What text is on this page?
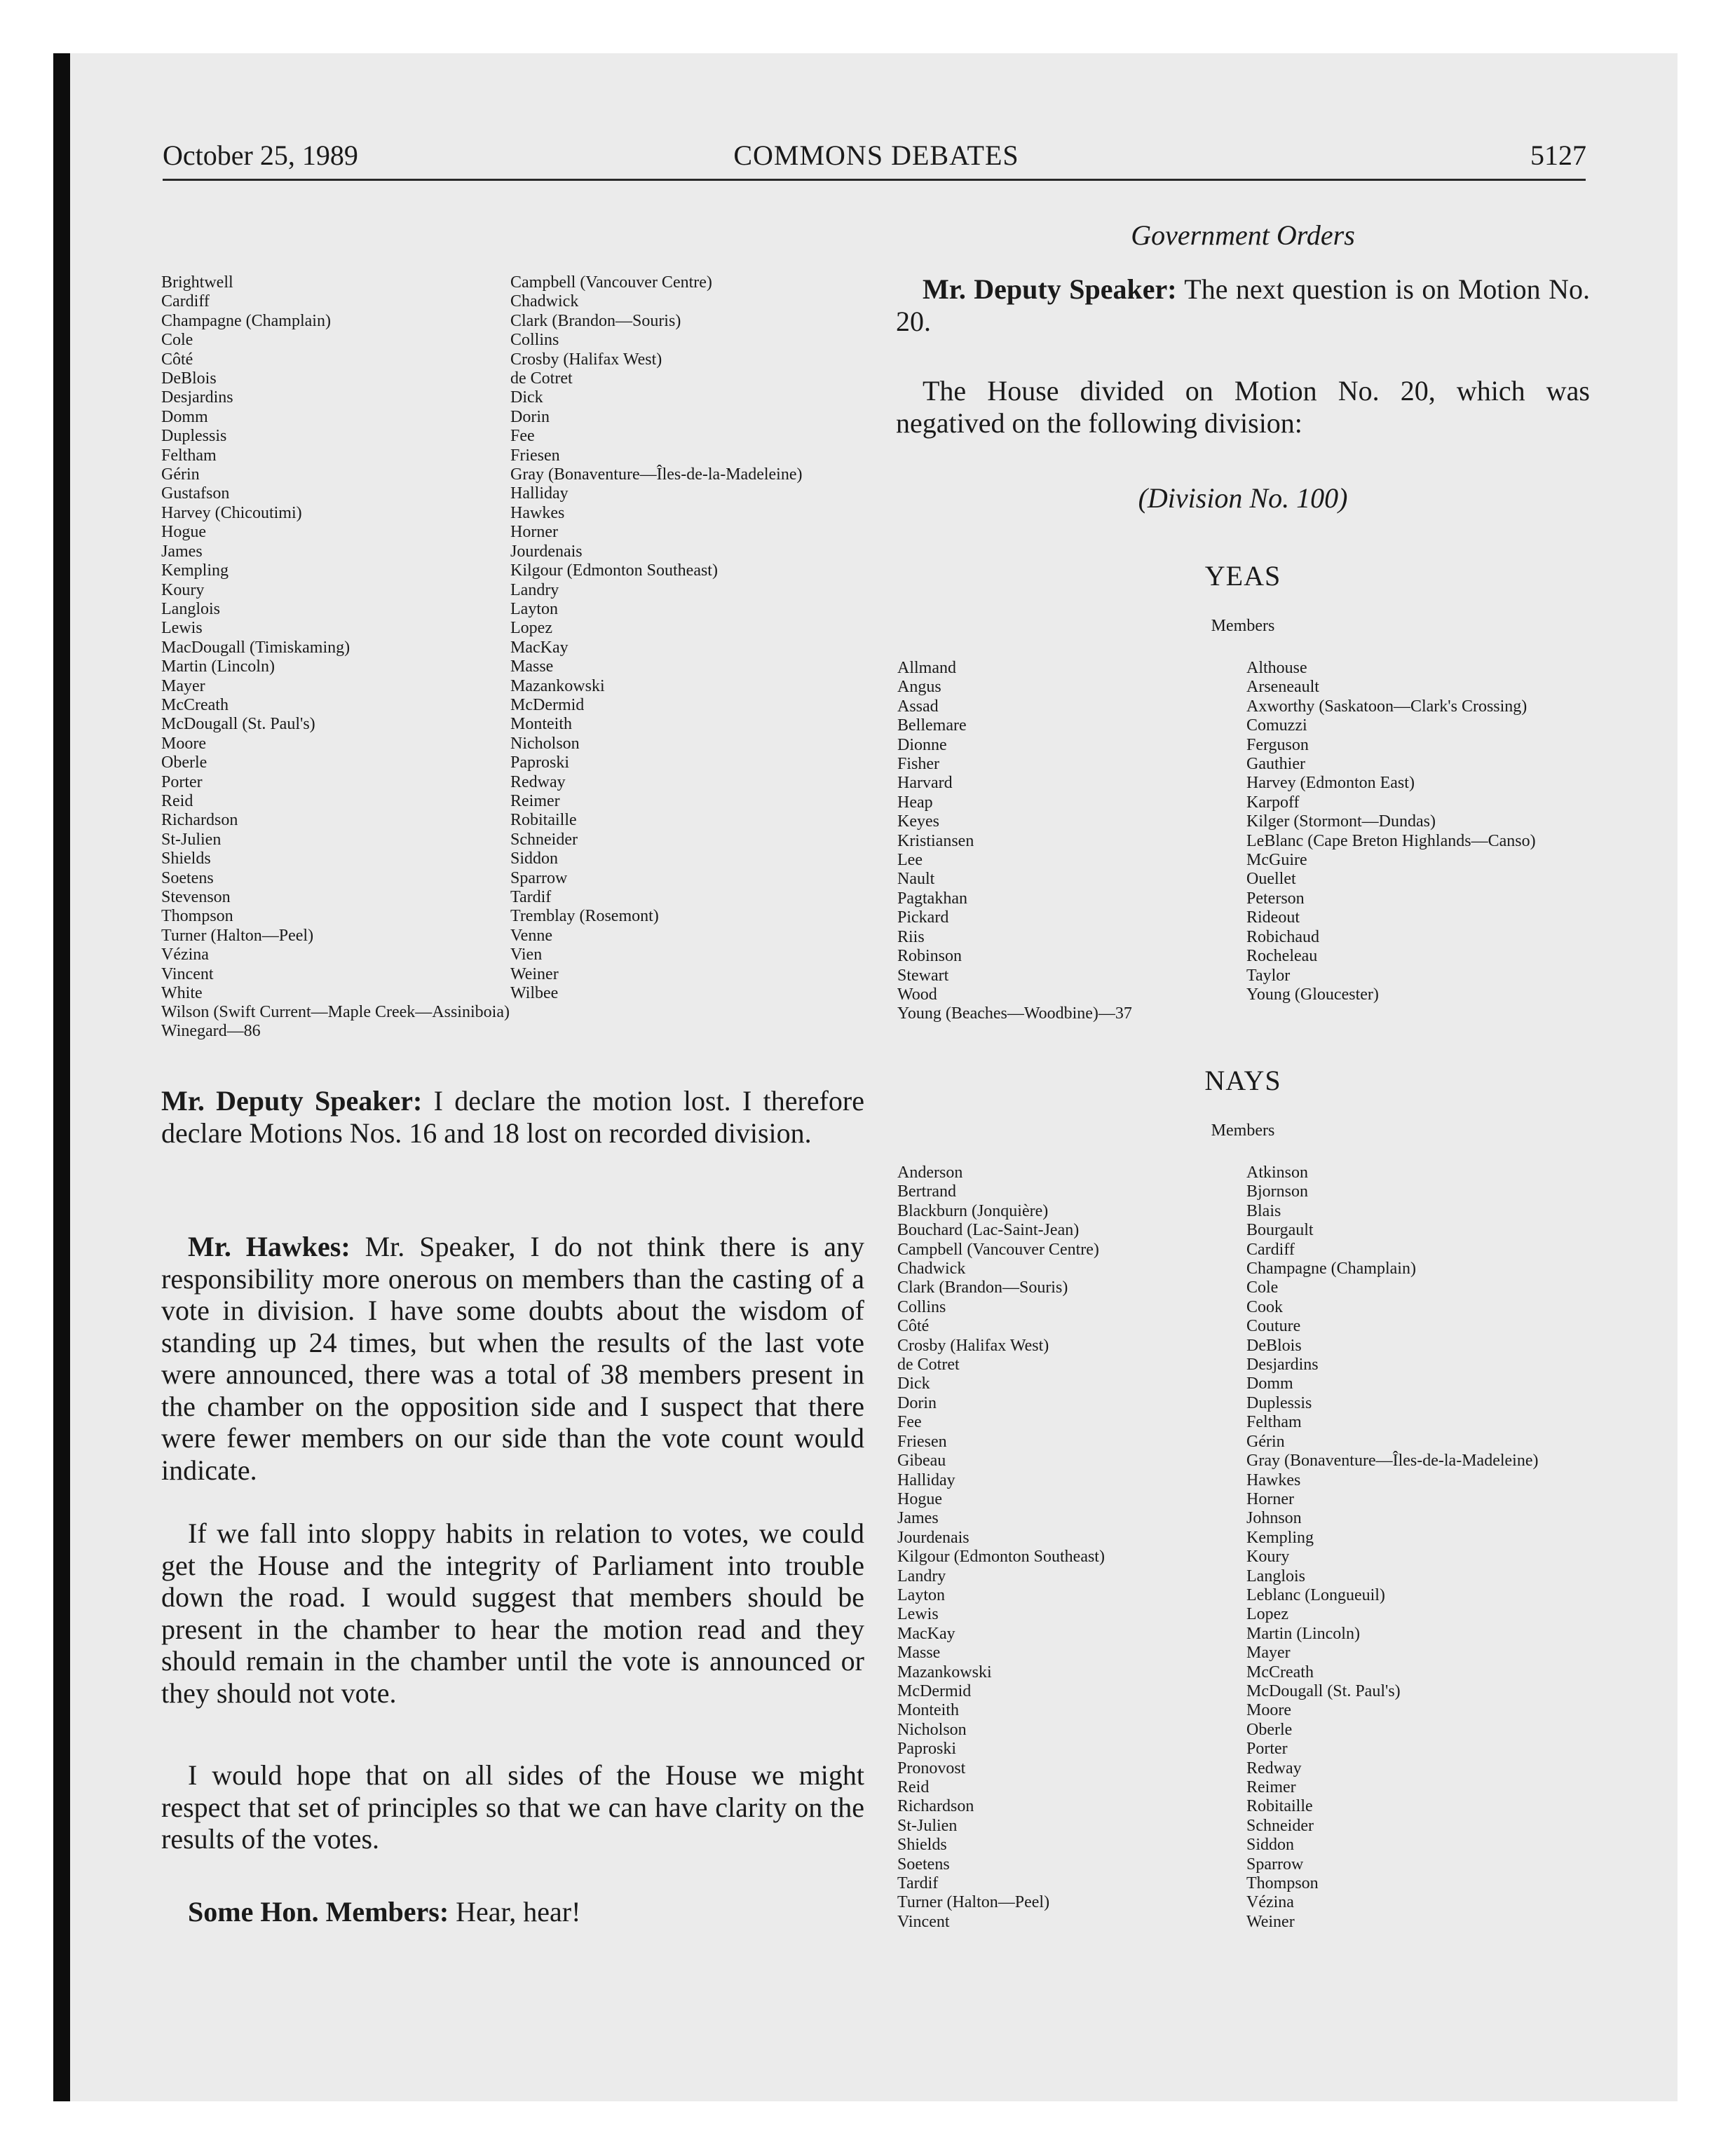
October 25, 1989	COMMONS DEBATES	5127
Brightwell
Cardiff
Champagne (Champlain)
Cole
Côté
DeBlois
Desjardins
Domm
Duplessis
Feltham
Gérin
Gustafson
Harvey (Chicoutimi)
Hogue
James
Kempling
Koury
Langlois
Lewis
MacDougall (Timiskaming)
Martin (Lincoln)
Mayer
McCreath
McDougall (St. Paul's)
Moore
Oberle
Porter
Reid
Richardson
St-Julien
Shields
Soetens
Stevenson
Thompson
Turner (Halton—Peel)
Vézina
Vincent
White
Campbell (Vancouver Centre)
Chadwick
Clark (Brandon—Souris)
Collins
Crosby (Halifax West)
de Cotret
Dick
Dorin
Fee
Friesen
Gray (Bonaventure—Îles-de-la-Madeleine)
Halliday
Hawkes
Horner
Jourdenais
Kilgour (Edmonton Southeast)
Landry
Layton
Lopez
MacKay
Masse
Mazankowski
McDermid
Monteith
Nicholson
Paproski
Redway
Reimer
Robitaille
Schneider
Siddon
Sparrow
Tardif
Tremblay (Rosemont)
Venne
Vien
Weiner
Wilbee
Wilson (Swift Current—Maple Creek—Assiniboia)
Winegard—86

Mr. Deputy Speaker: I declare the motion lost. I therefore declare Motions Nos. 16 and 18 lost on recorded division.

Mr. Hawkes: Mr. Speaker, I do not think there is any responsibility more onerous on members than the casting of a vote in division. I have some doubts about the wisdom of standing up 24 times, but when the results of the last vote were announced, there was a total of 38 members present in the chamber on the opposition side and I suspect that there were fewer members on our side than the vote count would indicate.

If we fall into sloppy habits in relation to votes, we could get the House and the integrity of Parliament into trouble down the road. I would suggest that members should be present in the chamber to hear the motion read and they should remain in the chamber until the vote is announced or they should not vote.

I would hope that on all sides of the House we might respect that set of principles so that we can have clarity on the results of the votes.

Some Hon. Members: Hear, hear!

Government Orders

Mr. Deputy Speaker: The next question is on Motion No. 20.

The House divided on Motion No. 20, which was negatived on the following division:

(Division No. 100)
YEAS
Members
Allmand
Angus
Assad
Bellemare
Dionne
Fisher
Harvard
Heap
Keyes
Kristiansen
Lee
Nault
Pagtakhan
Pickard
Riis
Robinson
Stewart
Wood
Young (Beaches—Woodbine)—37
Althouse
Arseneault
Axworthy (Saskatoon—Clark's Crossing)
Comuzzi
Ferguson
Gauthier
Harvey (Edmonton East)
Karpoff
Kilger (Stormont—Dundas)
LeBlanc (Cape Breton Highlands—Canso)
McGuire
Ouellet
Peterson
Rideout
Robichaud
Rocheleau
Taylor
Young (Gloucester)
NAYS
Members
Anderson
Bertrand
Blackburn (Jonquière)
Bouchard (Lac-Saint-Jean)
Campbell (Vancouver Centre)
Chadwick
Clark (Brandon—Souris)
Collins
Côté
Crosby (Halifax West)
de Cotret
Dick
Dorin
Fee
Friesen
Gibeau
Halliday
Hogue
James
Jourdenais
Kilgour (Edmonton Southeast)
Landry
Layton
Lewis
MacKay
Masse
Mazankowski
McDermid
Monteith
Nicholson
Paproski
Pronovost
Reid
Richardson
St-Julien
Shields
Soetens
Tardif
Turner (Halton—Peel)
Vincent
Atkinson
Bjornson
Blais
Bourgault
Cardiff
Champagne (Champlain)
Cole
Cook
Couture
DeBlois
Desjardins
Domm
Duplessis
Feltham
Gérin
Gray (Bonaventure—Îles-de-la-Madeleine)
Hawkes
Horner
Johnson
Kempling
Koury
Langlois
Leblanc (Longueuil)
Lopez
Martin (Lincoln)
Mayer
McCreath
McDougall (St. Paul's)
Moore
Oberle
Porter
Redway
Reimer
Robitaille
Schneider
Siddon
Sparrow
Thompson
Vézina
Weiner
